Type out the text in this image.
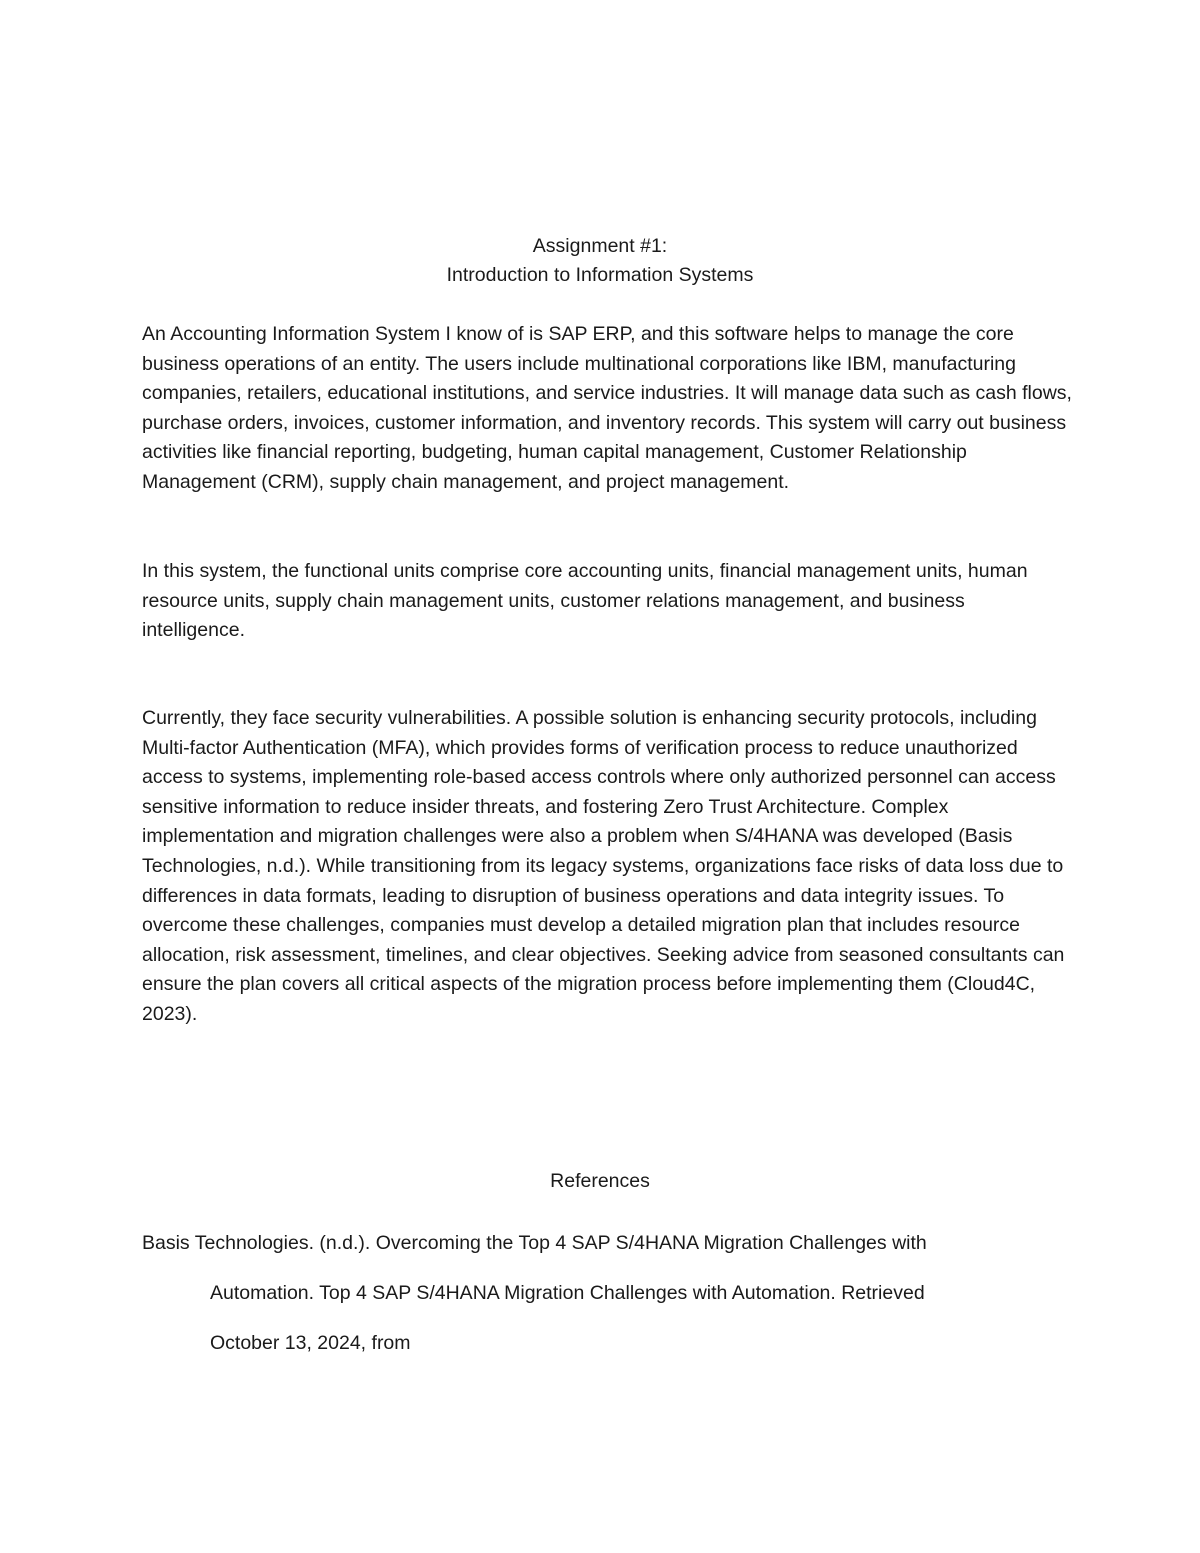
Assignment #1:
Introduction to Information Systems

An Accounting Information System I know of is SAP ERP, and this software helps to manage the core business operations of an entity. The users include multinational corporations like IBM, manufacturing companies, retailers, educational institutions, and service industries. It will manage data such as cash flows, purchase orders, invoices, customer information, and inventory records. This system will carry out business activities like financial reporting, budgeting, human capital management, Customer Relationship Management (CRM), supply chain management, and project management.

In this system, the functional units comprise core accounting units, financial management units, human resource units, supply chain management units, customer relations management, and business intelligence.

Currently, they face security vulnerabilities. A possible solution is enhancing security protocols, including Multi-factor Authentication (MFA), which provides forms of verification process to reduce unauthorized access to systems, implementing role-based access controls where only authorized personnel can access sensitive information to reduce insider threats, and fostering Zero Trust Architecture. Complex implementation and migration challenges were also a problem when S/4HANA was developed (Basis Technologies, n.d.). While transitioning from its legacy systems, organizations face risks of data loss due to differences in data formats, leading to disruption of business operations and data integrity issues. To overcome these challenges, companies must develop a detailed migration plan that includes resource allocation, risk assessment, timelines, and clear objectives. Seeking advice from seasoned consultants can ensure the plan covers all critical aspects of the migration process before implementing them (Cloud4C, 2023).

References
Basis Technologies. (n.d.). Overcoming the Top 4 SAP S/4HANA Migration Challenges with
Automation. Top 4 SAP S/4HANA Migration Challenges with Automation. Retrieved
October 13, 2024, from
